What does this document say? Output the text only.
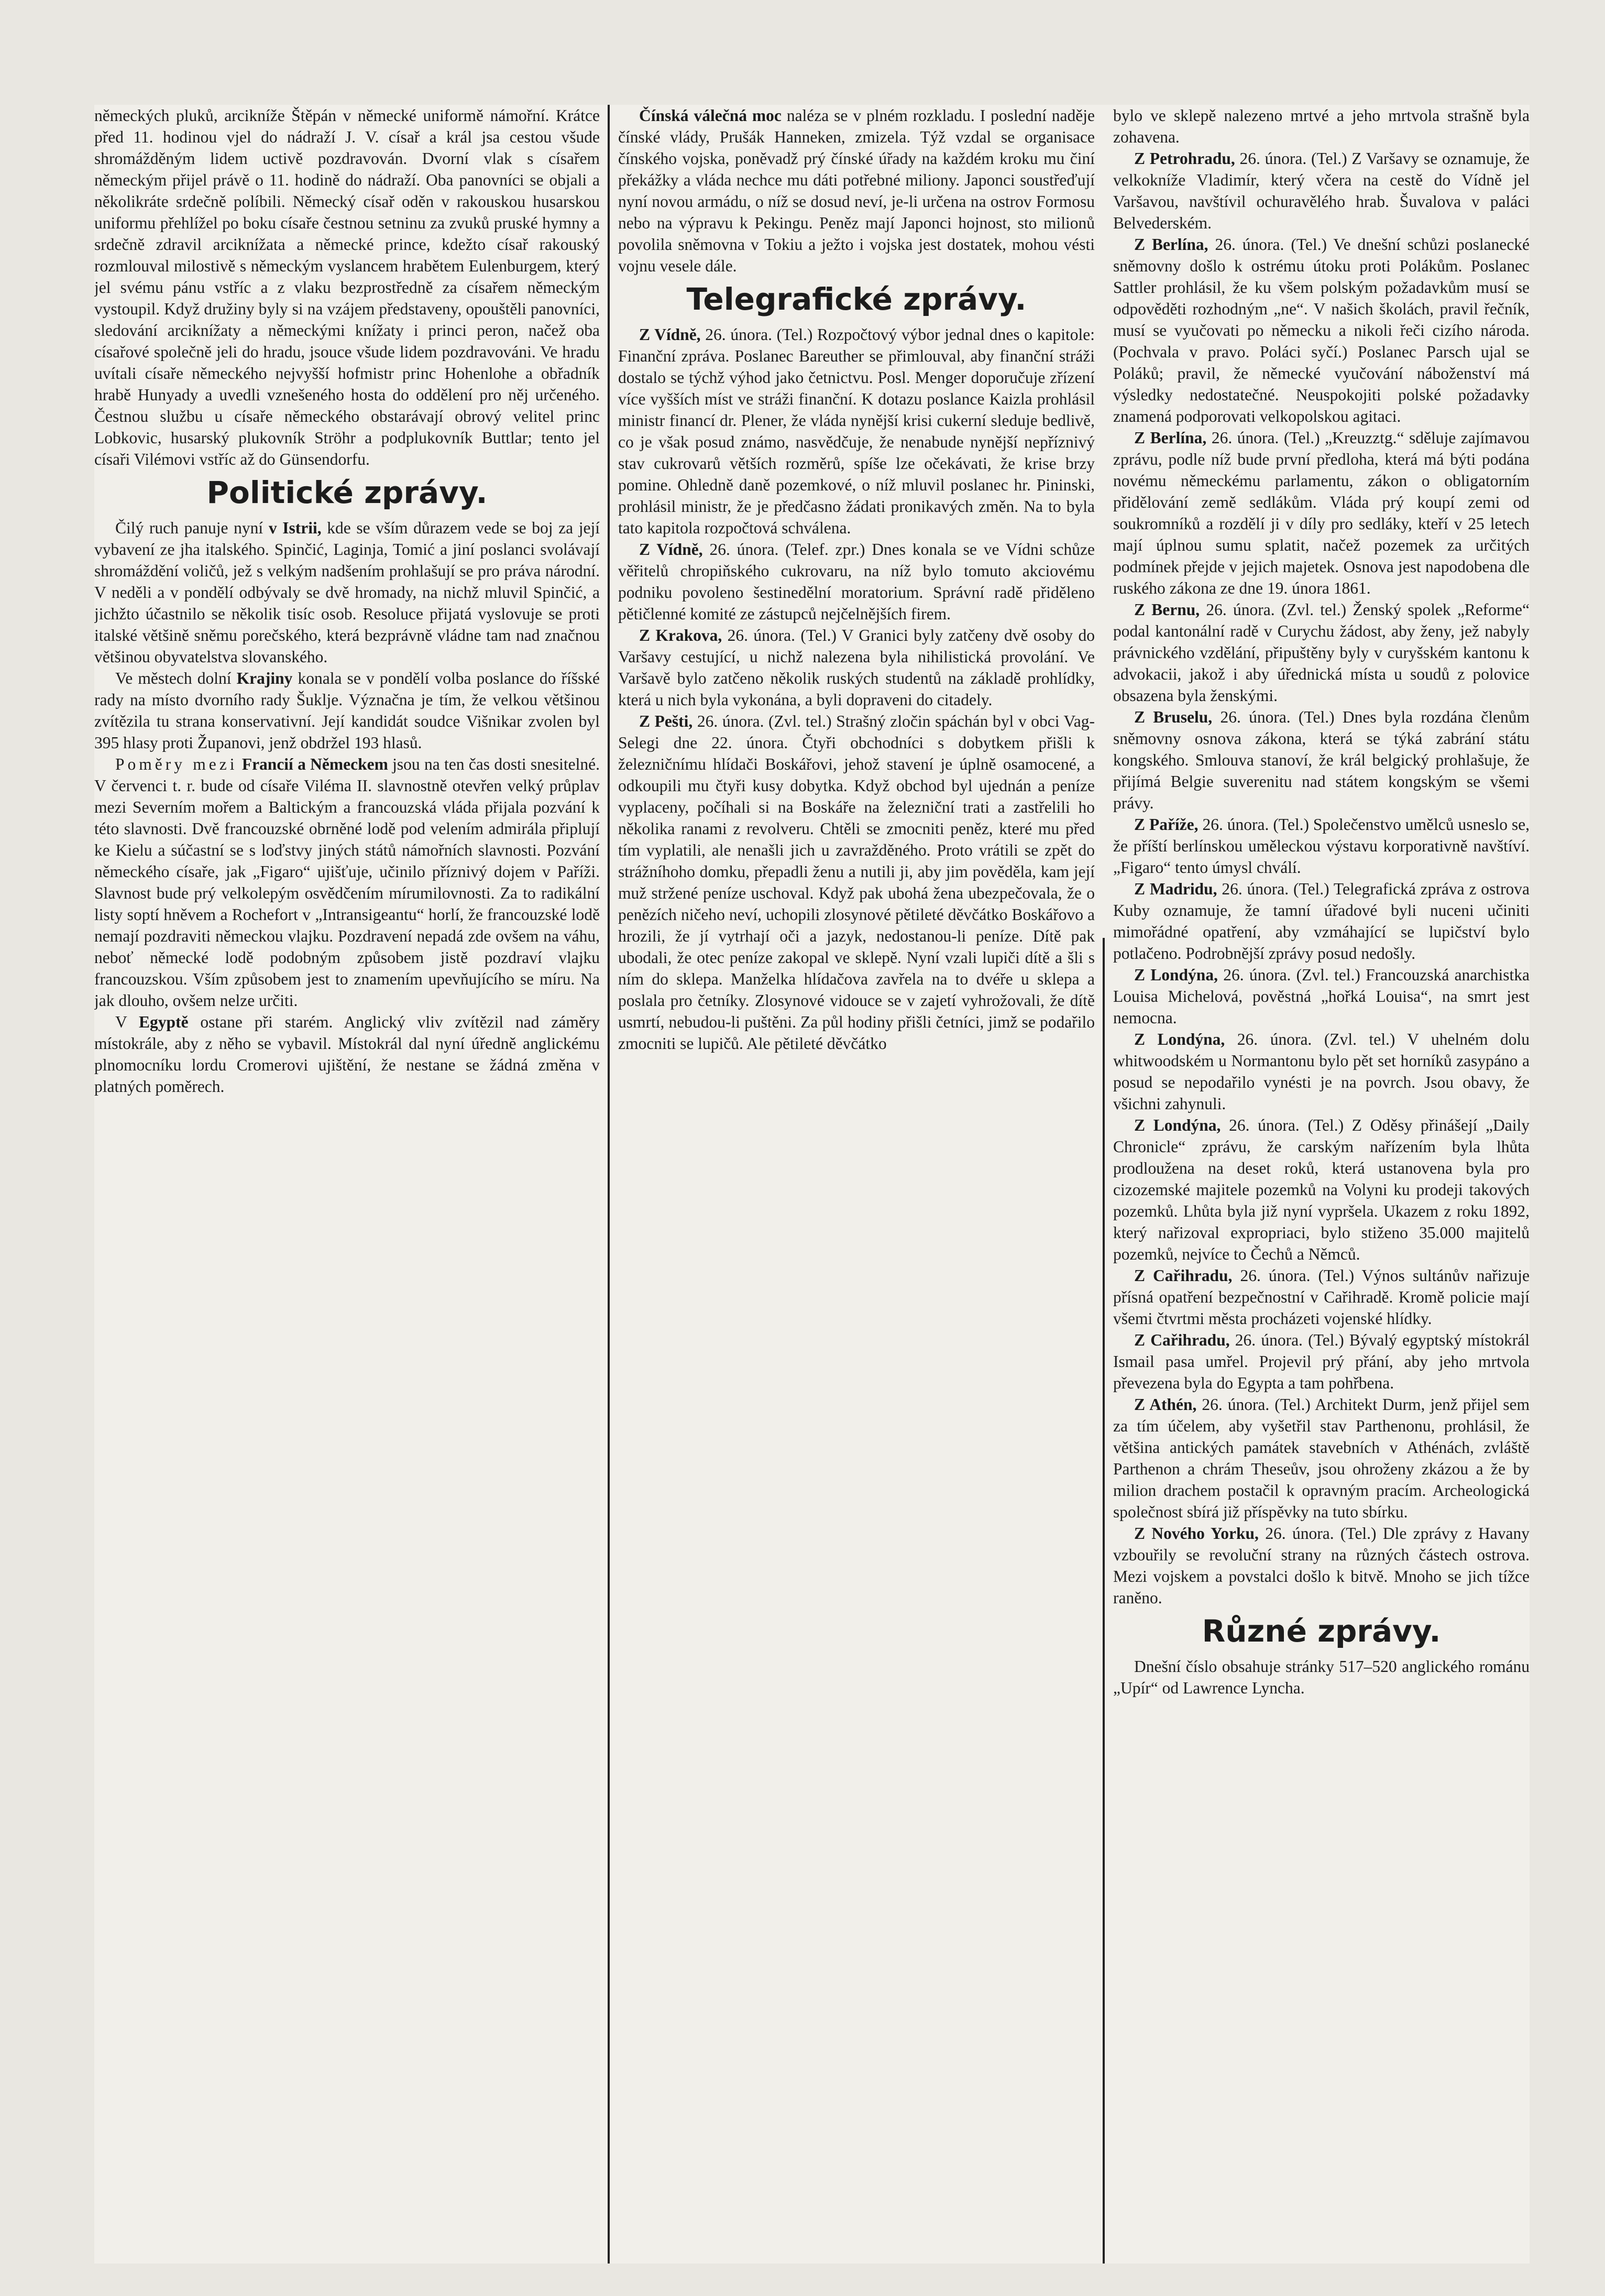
německých pluků, arcikníže Štěpán v německé uniformě námořní. Krátce před 11. hodinou vjel do nádraží J. V. císař a král jsa cestou všude shromážděným lidem uctivě pozdravován. Dvorní vlak s císařem německým přijel právě o 11. hodině do nádraží. Oba panovníci se objali a několikráte srdečně políbili. Německý císař oděn v rakouskou husarskou uniformu přehlížel po boku císaře čestnou setninu za zvuků pruské hymny a srdečně zdravil arciknížata a německé prince, kdežto císař rakouský rozmlouval milostivě s německým vyslancem hrabětem Eulenburgem, který jel svému pánu vstříc a z vlaku bezprostředně za císařem německým vystoupil. Když družiny byly si na vzájem představeny, opouštěli panovníci, sledování arciknížaty a německými knížaty i princi peron, načež oba císařové společně jeli do hradu, jsouce všude lidem pozdravováni. Ve hradu uvítali císaře německého nejvyšší hofmistr princ Hohenlohe a obřadník hrabě Hunyady a uvedli vznešeného hosta do oddělení pro něj určeného. Čestnou službu u císaře německého obstarávají obrový velitel princ Lobkovic, husarský plukovník Ströhr a podplukovník Buttlar; tento jel císaři Vilémovi vstříc až do Günsendorfu.

Politické zprávy.

Čilý ruch panuje nyní v Istrii, kde se vším důrazem vede se boj za její vybavení ze jha italského. Spinčić, Laginja, Tomić a jiní poslanci svolávají shromáždění voličů, jež s velkým nadšením prohlašují se pro práva národní. V neděli a v pondělí odbývaly se dvě hromady, na nichž mluvil Spinčić, a jichžto účastnilo se několik tisíc osob. Resoluce přijatá vyslovuje se proti italské většině sněmu porečského, která bezprávně vládne tam nad značnou většinou obyvatelstva slovanského.

Ve městech dolní Krajiny konala se v pondělí volba poslance do říšské rady na místo dvorního rady Šuklje. Význačna je tím, že velkou většinou zvítězila tu strana konservativní. Její kandidát soudce Višnikar zvolen byl 395 hlasy proti Županovi, jenž obdržel 193 hlasů.

Poměry mezi Francií a Německem jsou na ten čas dosti snesitelné. V červenci t. r. bude od císaře Viléma II. slavnostně otevřen velký průplav mezi Severním mořem a Baltickým a francouzská vláda přijala pozvání k této slavnosti. Dvě francouzské obrněné lodě pod velením admirála připlují ke Kielu a súčastní se s loďstvy jiných států námořních slavnosti. Pozvání německého císaře, jak „Figaro“ ujišťuje, učinilo příznivý dojem v Paříži. Slavnost bude prý velkolepým osvědčením mírumilovnosti. Za to radikální listy soptí hněvem a Rochefort v „Intransigeantu“ horlí, že francouzské lodě nemají pozdraviti německou vlajku. Pozdravení nepadá zde ovšem na váhu, neboť německé lodě podobným způsobem jistě pozdraví vlajku francouzskou. Vším způsobem jest to znamením upevňujícího se míru. Na jak dlouho, ovšem nelze určiti.

V Egyptě ostane při starém. Anglický vliv zvítězil nad záměry místokrále, aby z něho se vybavil. Místokrál dal nyní úředně anglickému plnomocníku lordu Cromerovi ujištění, že nestane se žádná změna v platných poměrech.

Čínská válečná moc naléza se v plném rozkladu. I poslední naděje čínské vlády, Prušák Hanneken, zmizela. Týž vzdal se organisace čínského vojska, poněvadž prý čínské úřady na každém kroku mu činí překážky a vláda nechce mu dáti potřebné miliony. Japonci soustřeďují nyní novou armádu, o níž se dosud neví, je-li určena na ostrov Formosu nebo na výpravu k Pekingu. Peněz mají Japonci hojnost, sto milionů povolila sněmovna v Tokiu a ježto i vojska jest dostatek, mohou vésti vojnu vesele dále.

Telegrafické zprávy.

Z Vídně, 26. února. (Tel.) Rozpočtový výbor jednal dnes o kapitole: Finanční zpráva. Poslanec Bareuther se přimlouval, aby finanční stráži dostalo se týchž výhod jako četnictvu. Posl. Menger doporučuje zřízení více vyšších míst ve stráži finanční. K dotazu poslance Kaizla prohlásil ministr financí dr. Plener, že vláda nynější krisi cukerní sleduje bedlivě, co je však posud známo, nasvědčuje, že nenabude nynější nepříznivý stav cukrovarů větších rozměrů, spíše lze očekávati, že krise brzy pomine. Ohledně daně pozemkové, o níž mluvil poslanec hr. Pininski, prohlásil ministr, že je předčasno žádati pronikavých změn. Na to byla tato kapitola rozpočtová schválena.

Z Vídně, 26. února. (Telef. zpr.) Dnes konala se ve Vídni schůze věřitelů chropiňského cukrovaru, na níž bylo tomuto akciovému podniku povoleno šestinedělní moratorium. Správní radě přiděleno pětičlenné komité ze zástupců nejčelnějších firem.

Z Krakova, 26. února. (Tel.) V Granici byly zatčeny dvě osoby do Varšavy cestující, u nichž nalezena byla nihilistická provolání. Ve Varšavě bylo zatčeno několik ruských studentů na základě prohlídky, která u nich byla vykonána, a byli dopraveni do citadely.

Z Pešti, 26. února. (Zvl. tel.) Strašný zločin spáchán byl v obci Vag-Selegi dne 22. února. Čtyři obchodníci s dobytkem přišli k železničnímu hlídači Boskářovi, jehož stavení je úplně osamocené, a odkoupili mu čtyři kusy dobytka. Když obchod byl ujednán a peníze vyplaceny, počíhali si na Boskáře na železniční trati a zastřelili ho několika ranami z revolveru. Chtěli se zmocniti peněz, které mu před tím vyplatili, ale nenašli jich u zavražděného. Proto vrátili se zpět do strážníhoho domku, přepadli ženu a nutili ji, aby jim pověděla, kam její muž stržené peníze uschoval. Když pak ubohá žena ubezpečovala, že o penězích ničeho neví, uchopili zlosynové pětileté děvčátko Boskářovo a hrozili, že jí vytrhají oči a jazyk, nedostanou-li peníze. Dítě pak ubodali, že otec peníze zakopal ve sklepě. Nyní vzali lupiči dítě a šli s ním do sklepa. Manželka hlídačova zavřela na to dvéře u sklepa a poslala pro četníky. Zlosynové vidouce se v zajetí vyhrožovali, že dítě usmrtí, nebudou-li puštěni. Za půl hodiny přišli četníci, jimž se podařilo zmocniti se lupičů. Ale pětileté děvčátko

bylo ve sklepě nalezeno mrtvé a jeho mrtvola strašně byla zohavena.

Z Petrohradu, 26. února. (Tel.) Z Varšavy se oznamuje, že velkokníže Vladimír, který včera na cestě do Vídně jel Varšavou, navštívil ochuravělého hrab. Šuvalova v paláci Belvederském.

Z Berlína, 26. února. (Tel.) Ve dnešní schůzi poslanecké sněmovny došlo k ostrému útoku proti Polákům. Poslanec Sattler prohlásil, že ku všem polským požadavkům musí se odpověděti rozhodným „ne“. V našich školách, pravil řečník, musí se vyučovati po německu a nikoli řeči cizího národa. (Pochvala v pravo. Poláci syčí.) Poslanec Parsch ujal se Poláků; pravil, že německé vyučování náboženství má výsledky nedostatečné. Neuspokojiti polské požadavky znamená podporovati velkopolskou agitaci.

Z Berlína, 26. února. (Tel.) „Kreuzztg.“ sděluje zajímavou zprávu, podle níž bude první předloha, která má býti podána novému německému parlamentu, zákon o obligatorním přidělování země sedlákům. Vláda prý koupí zemi od soukromníků a rozdělí ji v díly pro sedláky, kteří v 25 letech mají úplnou sumu splatit, načež pozemek za určitých podmínek přejde v jejich majetek. Osnova jest napodobena dle ruského zákona ze dne 19. února 1861.

Z Bernu, 26. února. (Zvl. tel.) Ženský spolek „Reforme“ podal kantonální radě v Curychu žádost, aby ženy, jež nabyly právnického vzdělání, připuštěny byly v curyšském kantonu k advokacii, jakož i aby úřednická místa u soudů z polovice obsazena byla ženskými.

Z Bruselu, 26. února. (Tel.) Dnes byla rozdána členům sněmovny osnova zákona, která se týká zabrání státu kongského. Smlouva stanoví, že král belgický prohlašuje, že přijímá Belgie suverenitu nad státem kongským se všemi právy.

Z Paříže, 26. února. (Tel.) Společenstvo umělců usneslo se, že příští berlínskou uměleckou výstavu korporativně navštíví. „Figaro“ tento úmysl chválí.

Z Madridu, 26. února. (Tel.) Telegrafická zpráva z ostrova Kuby oznamuje, že tamní úřadové byli nuceni učiniti mimořádné opatření, aby vzmáhající se lupičství bylo potlačeno. Podrobnější zprávy posud nedošly.

Z Londýna, 26. února. (Zvl. tel.) Francouzská anarchistka Louisa Michelová, pověstná „hořká Louisa“, na smrt jest nemocna.

Z Londýna, 26. února. (Zvl. tel.) V uhelném dolu whitwoodském u Normantonu bylo pět set horníků zasypáno a posud se nepodařilo vynésti je na povrch. Jsou obavy, že všichni zahynuli.

Z Londýna, 26. února. (Tel.) Z Oděsy přinášejí „Daily Chronicle“ zprávu, že carským nařízením byla lhůta prodloužena na deset roků, která ustanovena byla pro cizozemské majitele pozemků na Volyni ku prodeji takových pozemků. Lhůta byla již nyní vypršela. Ukazem z roku 1892, který nařizoval expropriaci, bylo stiženo 35.000 majitelů pozemků, nejvíce to Čechů a Němců.

Z Cařihradu, 26. února. (Tel.) Výnos sultánův nařizuje přísná opatření bezpečnostní v Cařihradě. Kromě policie mají všemi čtvrtmi města procházeti vojenské hlídky.

Z Cařihradu, 26. února. (Tel.) Bývalý egyptský místokrál Ismail pasa umřel. Projevil prý přání, aby jeho mrtvola převezena byla do Egypta a tam pohřbena.

Z Athén, 26. února. (Tel.) Architekt Durm, jenž přijel sem za tím účelem, aby vyšetřil stav Parthenonu, prohlásil, že většina antických památek stavebních v Athénách, zvláště Parthenon a chrám Theseův, jsou ohroženy zkázou a že by milion drachem postačil k opravným pracím. Archeologická společnost sbírá již příspěvky na tuto sbírku.

Z Nového Yorku, 26. února. (Tel.) Dle zprávy z Havany vzbouřily se revoluční strany na různých částech ostrova. Mezi vojskem a povstalci došlo k bitvě. Mnoho se jich tížce raněno.

Různé zprávy.

Dnešní číslo obsahuje stránky 517–520 anglického románu „Upír“ od Lawrence Lyncha.
